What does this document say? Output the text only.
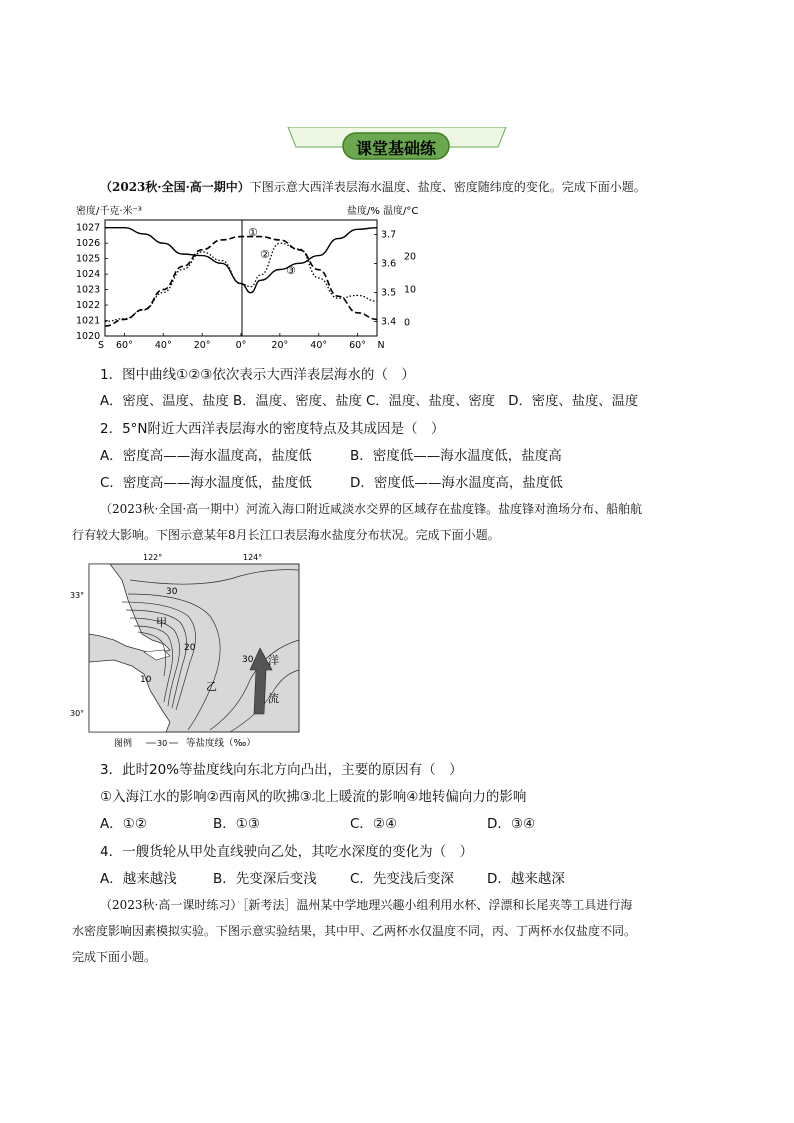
课堂基础练
（2023秋·全国·高一期中）下图示意大西洋表层海水温度、盐度、密度随纬度的变化。完成下面小题。
密度/千克·米⁻³	盐度/% 温度/°C
1027
1026
1025
1024
1023
1022
1021
1020
3.7
3.6
3.5
3.4
20
10
0
S 60° 40° 20°	0°	20° 40° 60° N
①
②
③
1．图中曲线①②③依次表示大西洋表层海水的（　）
A．密度、温度、盐度 B．温度、密度、盐度 C．温度、盐度、密度　D．密度、盐度、温度
2．5°N附近大西洋表层海水的密度特点及其成因是（　）
A．密度高——海水温度高，盐度低	B．密度低——海水温度低，盐度高
C．密度高——海水温度低，盐度低	D．密度低——海水温度高，盐度低
（2023秋·全国·高一期中）河流入海口附近咸淡水交界的区域存在盐度锋。盐度锋对渔场分布、船舶航
行有较大影响。下图示意某年8月长江口表层海水盐度分布状况。完成下面小题。
122°	124°
33°
30°
甲
乙
洋
流
30
20
10
30
图例	30 等盐度线（‰）
3．此时20%等盐度线向东北方向凸出，主要的原因有（　）
①入海江水的影响②西南风的吹拂③北上暖流的影响④地转偏向力的影响
A．①②	B．①③	C．②④	D．③④
4．一艘货轮从甲处直线驶向乙处，其吃水深度的变化为（　）
A．越来越浅	B．先变深后变浅 C．先变浅后变深 D．越来越深
（2023秋·高一课时练习）［新考法］温州某中学地理兴趣小组利用水杯、浮漂和长尾夹等工具进行海
水密度影响因素模拟实验。下图示意实验结果，其中甲、乙两杯水仅温度不同，丙、丁两杯水仅盐度不同。
完成下面小题。
